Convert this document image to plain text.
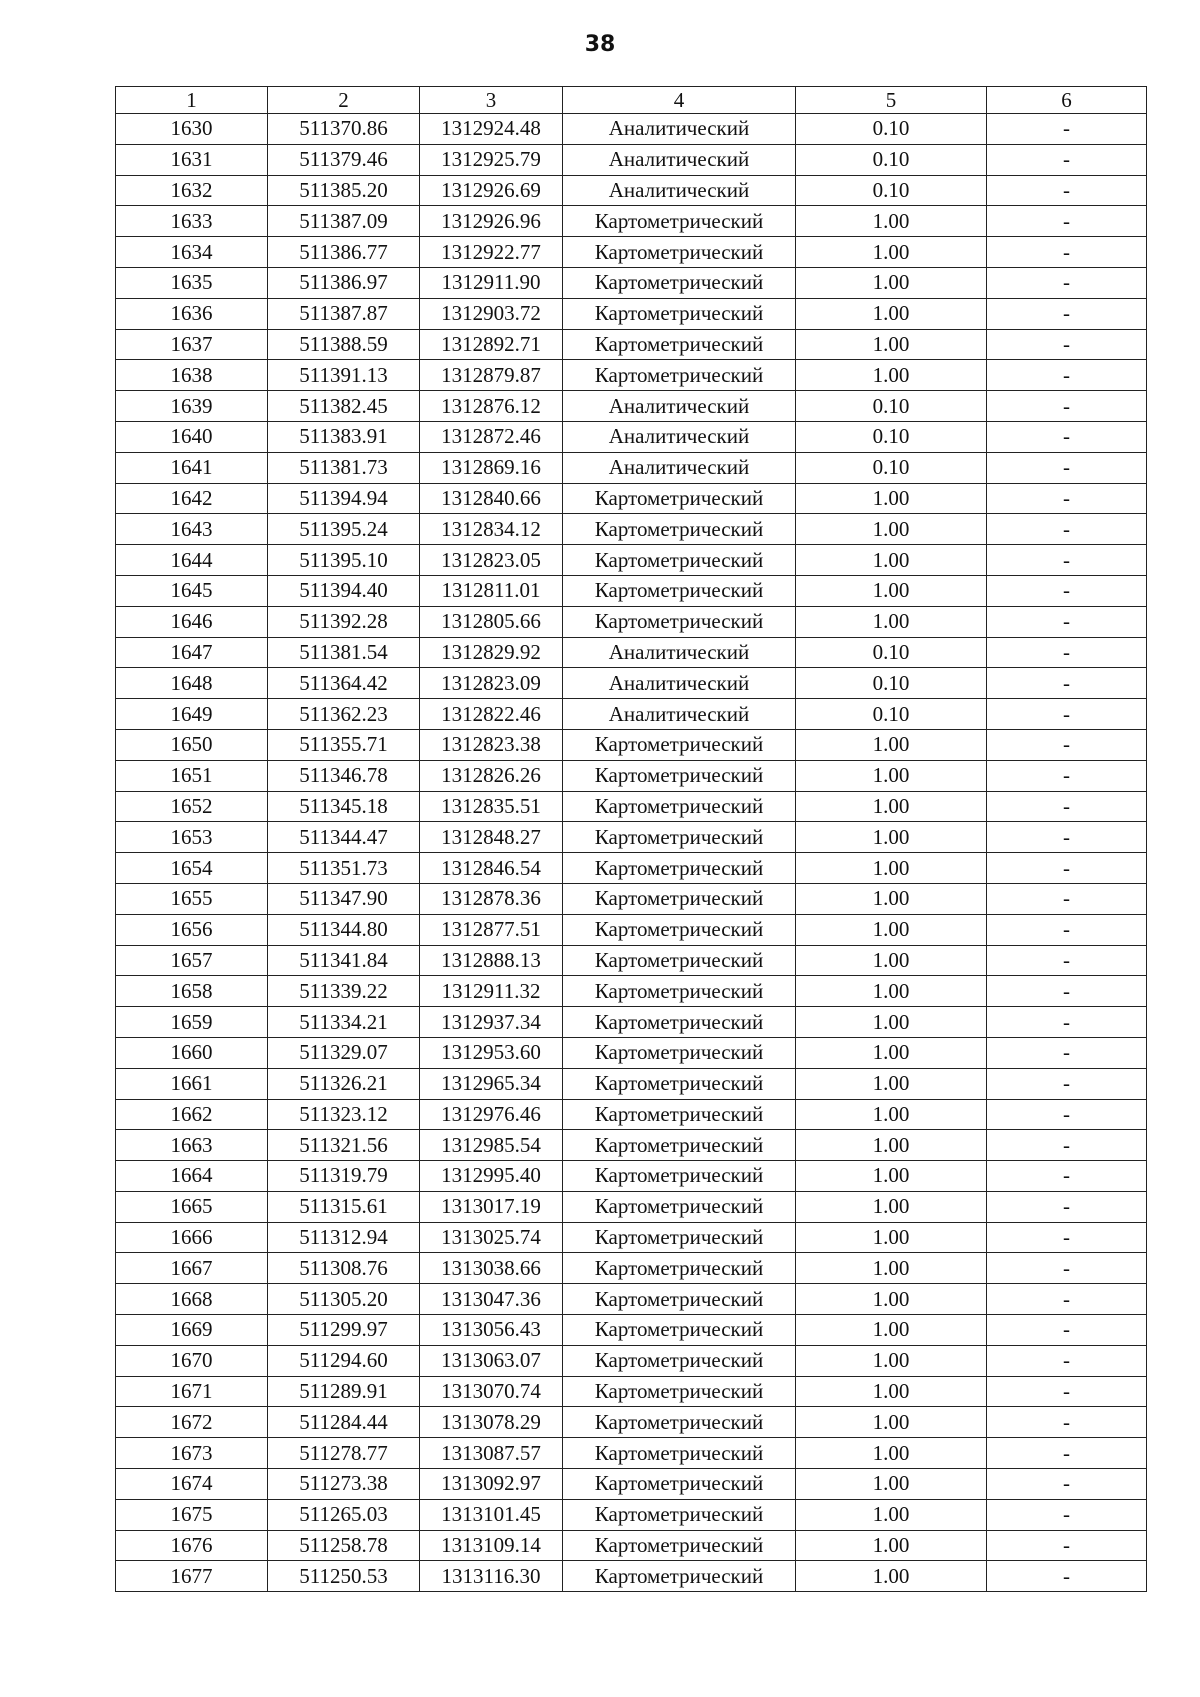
38
1	2	3	4	5	6
1630	511370.86	1312924.48	Аналитический	0.10	-
1631	511379.46	1312925.79	Аналитический	0.10	-
1632	511385.20	1312926.69	Аналитический	0.10	-
1633	511387.09	1312926.96	Картометрический	1.00	-
1634	511386.77	1312922.77	Картометрический	1.00	-
1635	511386.97	1312911.90	Картометрический	1.00	-
1636	511387.87	1312903.72	Картометрический	1.00	-
1637	511388.59	1312892.71	Картометрический	1.00	-
1638	511391.13	1312879.87	Картометрический	1.00	-
1639	511382.45	1312876.12	Аналитический	0.10	-
1640	511383.91	1312872.46	Аналитический	0.10	-
1641	511381.73	1312869.16	Аналитический	0.10	-
1642	511394.94	1312840.66	Картометрический	1.00	-
1643	511395.24	1312834.12	Картометрический	1.00	-
1644	511395.10	1312823.05	Картометрический	1.00	-
1645	511394.40	1312811.01	Картометрический	1.00	-
1646	511392.28	1312805.66	Картометрический	1.00	-
1647	511381.54	1312829.92	Аналитический	0.10	-
1648	511364.42	1312823.09	Аналитический	0.10	-
1649	511362.23	1312822.46	Аналитический	0.10	-
1650	511355.71	1312823.38	Картометрический	1.00	-
1651	511346.78	1312826.26	Картометрический	1.00	-
1652	511345.18	1312835.51	Картометрический	1.00	-
1653	511344.47	1312848.27	Картометрический	1.00	-
1654	511351.73	1312846.54	Картометрический	1.00	-
1655	511347.90	1312878.36	Картометрический	1.00	-
1656	511344.80	1312877.51	Картометрический	1.00	-
1657	511341.84	1312888.13	Картометрический	1.00	-
1658	511339.22	1312911.32	Картометрический	1.00	-
1659	511334.21	1312937.34	Картометрический	1.00	-
1660	511329.07	1312953.60	Картометрический	1.00	-
1661	511326.21	1312965.34	Картометрический	1.00	-
1662	511323.12	1312976.46	Картометрический	1.00	-
1663	511321.56	1312985.54	Картометрический	1.00	-
1664	511319.79	1312995.40	Картометрический	1.00	-
1665	511315.61	1313017.19	Картометрический	1.00	-
1666	511312.94	1313025.74	Картометрический	1.00	-
1667	511308.76	1313038.66	Картометрический	1.00	-
1668	511305.20	1313047.36	Картометрический	1.00	-
1669	511299.97	1313056.43	Картометрический	1.00	-
1670	511294.60	1313063.07	Картометрический	1.00	-
1671	511289.91	1313070.74	Картометрический	1.00	-
1672	511284.44	1313078.29	Картометрический	1.00	-
1673	511278.77	1313087.57	Картометрический	1.00	-
1674	511273.38	1313092.97	Картометрический	1.00	-
1675	511265.03	1313101.45	Картометрический	1.00	-
1676	511258.78	1313109.14	Картометрический	1.00	-
1677	511250.53	1313116.30	Картометрический	1.00	-
